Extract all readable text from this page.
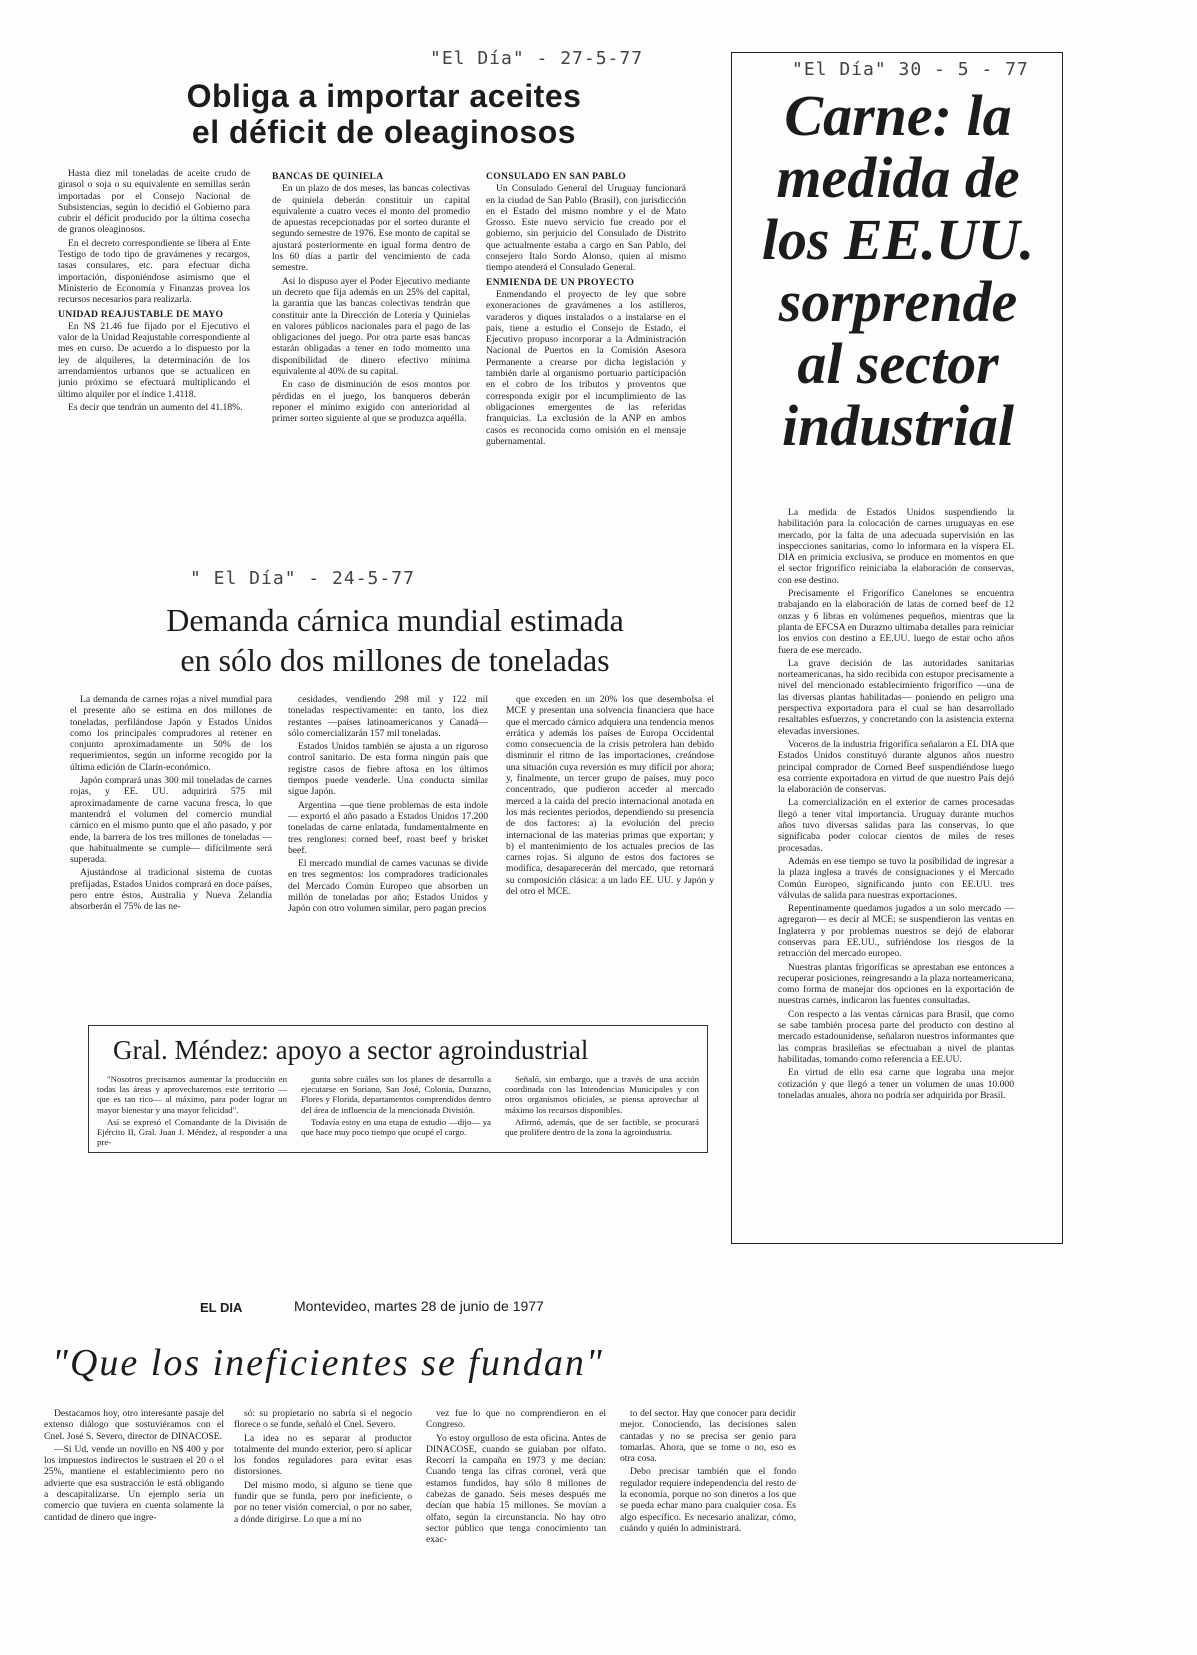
"El Día" - 27-5-77
Obliga a importar aceites
el déficit de oleaginosos

Hasta diez mil toneladas de aceite crudo de girasol o soja o su equivalente en semillas serán importadas por el Consejo Nacional de Subsistencias, según lo decidió el Gobierno para cubrir el déficit producido por la última cosecha de granos oleaginosos.

En el decreto correspondiente se libera al Ente Testigo de todo tipo de gravámenes y recargos, tasas consulares, etc. para efectuar dicha importación, disponiéndose asimismo que el Ministerio de Economía y Finanzas provea los recursos necesarios para realizarla.

UNIDAD REAJUSTABLE DE MAYO

En N$ 21.46 fue fijado por el Ejecutivo el valor de la Unidad Reajustable correspondiente al mes en curso. De acuerdo a lo dispuesto por la ley de alquileres, la determinación de los arrendamientos urbanos que se actualicen en junio próximo se efectuará multiplicando el último alquiler por el índice 1.4118.

Es decir que tendrán un aumento del 41.18%.

BANCAS DE QUINIELA

En un plazo de dos meses, las bancas colectivas de quiniela deberán constituir un capital equivalente a cuatro veces el monto del promedio de apuestas recepcionadas por el sorteo durante el segundo semestre de 1976. Ese monto de capital se ajustará posteriormente en igual forma dentro de los 60 días a partir del vencimiento de cada semestre.

Así lo dispuso ayer el Poder Ejecutivo mediante un decreto que fija además en un 25% del capital, la garantía que las bancas colectivas tendrán que constituir ante la Dirección de Lotería y Quinielas en valores públicos nacionales para el pago de las obligaciones del juego. Por otra parte esas bancas estarán obligadas a tener en todo momento una disponibilidad de dinero efectivo mínima equivalente al 40% de su capital.

En caso de disminución de esos montos por pérdidas en el juego, los banqueros deberán reponer el mínimo exigido con anterioridad al primer sorteo siguiente al que se produzca aquélla.

CONSULADO EN SAN PABLO

Un Consulado General del Uruguay funcionará en la ciudad de San Pablo (Brasil), con jurisdicción en el Estado del mismo nombre y el de Mato Grosso. Este nuevo servicio fue creado por el gobierno, sin perjuicio del Consulado de Distrito que actualmente estaba a cargo en San Pablo, del consejero Italo Sordo Alonso, quien al mismo tiempo atenderá el Consulado General.

ENMIENDA DE UN PROYECTO

Enmendando el proyecto de ley que sobre exoneraciones de gravámenes a los astilleros, varaderos y diques instalados o a instalarse en el país, tiene a estudio el Consejo de Estado, el Ejecutivo propuso incorporar a la Administración Nacional de Puertos en la Comisión Asesora Permanente a crearse por dicha legislación y también darle al organismo portuario participación en el cobro de los tributos y proventos que corresponda exigir por el incumplimiento de las obligaciones emergentes de las referidas franquicias. La exclusión de la ANP en ambos casos es reconocida como omisión en el mensaje gubernamental.

"El Día" 30 - 5 - 77
Carne: la
medida de
los EE.UU.
sorprende
al sector
industrial

La medida de Estados Unidos suspendiendo la habilitación para la colocación de carnes uruguayas en ese mercado, por la falta de una adecuada supervisión en las inspecciones sanitarias, como lo informara en la víspera EL DIA en primicia exclusiva, se produce en momentos en que el sector frigorífico reiniciaba la elaboración de conservas, con ese destino.

Precisamente el Frigorífico Canelones se encuentra trabajando en la elaboración de latas de corned beef de 12 onzas y 6 libras en volúmenes pequeños, mientras que la planta de EFCSA en Durazno ultimaba detalles para reiniciar los envíos con destino a EE.UU. luego de estar ocho años fuera de ese mercado.

La grave decisión de las autoridades sanitarias norteamericanas, ha sido recibida con estupor precisamente a nivel del mencionado establecimiento frigorífico —una de las diversas plantas habilitadas— poniendo en peligro una perspectiva exportadora para el cual se han desarrollado resaltables esfuerzos, y concretando con la asistencia externa elevadas inversiones.

Voceros de la industria frigorífica señalaron a EL DIA que Estados Unidos constituyó durante algunos años nuestro principal comprador de Corned Beef suspendiéndose luego esa corriente exportadora en virtud de que nuestro País dejó la elaboración de conservas.

La comercialización en el exterior de carnes procesadas llegó a tener vital importancia. Uruguay durante muchos años tuvo diversas salidas para las conservas, lo que significaba poder colocar cientos de miles de reses procesadas.

Además en ese tiempo se tuvo la posibilidad de ingresar a la plaza inglesa a través de consignaciones y el Mercado Común Europeo, significando junto con EE.UU. tres válvulas de salida para nuestras exportaciones.

Repentinamente quedamos jugados a un solo mercado —agregaron— es decir al MCE: se suspendieron las ventas en Inglaterra y por problemas nuestros se dejó de elaborar conservas para EE.UU., sufriéndose los riesgos de la retracción del mercado europeo.

Nuestras plantas frigoríficas se aprestaban ese entonces a recuperar posiciones, reingresando a la plaza norteamericana, como forma de manejar dos opciones en la exportación de nuestras carnes, indicaron las fuentes consultadas.

Con respecto a las ventas cárnicas para Brasil, que como se sabe también procesa parte del producto con destino al mercado estadounidense, señalaron nuestros informantes que las compras brasileñas se efectuaban a nivel de plantas habilitadas, tomando como referencia a EE.UU.

En virtud de ello esa carne que lograba una mejor cotización y que llegó a tener un volumen de unas 10.000 toneladas anuales, ahora no podría ser adquirida por Brasil.

" El Día" - 24-5-77
Demanda cárnica mundial estimada
en sólo dos millones de toneladas

La demanda de carnes rojas a nivel mundial para el presente año se estima en dos millones de toneladas, perfilándose Japón y Estados Unidos como los principales compradores al retener en conjunto aproximadamente un 50% de los requerimientos, según un informe recogido por la última edición de Clarín-económico.

Japón comprará unas 300 mil toneladas de carnes rojas, y EE. UU. adquirirá 575 mil aproximadamente de carne vacuna fresca, lo que mantendrá el volumen del comercio mundial cárnico en el mismo punto que el año pasado, y por ende, la barrera de los tres millones de toneladas —que habitualmente se cumple— difícilmente será superada.

Ajustándose al tradicional sistema de cuotas prefijadas, Estados Unidos comprará en doce países, pero entre éstos, Australia y Nueva Zelandia absorberán el 75% de las ne-

cesidades, vendiendo 298 mil y 122 mil toneladas respectivamente: en tanto, los diez restantes —países latinoamericanos y Canadá— sólo comercializarán 157 mil toneladas.

Estados Unidos también se ajusta a un riguroso control sanitario. De esta forma ningún país que registre casos de fiebre aftosa en los últimos tiempos puede venderle. Una conducta similar sigue Japón.

Argentina —que tiene problemas de esta índole— exportó el año pasado a Estados Unidos 17.200 toneladas de carne enlatada, fundamentalmente en tres renglones: corned beef, roast beef y brisket beef.

El mercado mundial de carnes vacunas se divide en tres segmentos: los compradores tradicionales del Mercado Común Europeo que absorben un millón de toneladas por año; Estados Unidos y Japón con otro volumen similar, pero pagan precios

que exceden en un 20% los que desembolsa el MCE y presentan una solvencia financiera que hace que el mercado cárnico adquiera una tendencia menos errática y además los países de Europa Occidental como consecuencia de la crisis petrolera han debido disminuir el ritmo de las importaciones, creándose una situación cuya reversión es muy difícil por ahora; y, finalmente, un tercer grupo de países, muy poco concentrado, que pudieron acceder al mercado merced a la caída del precio internacional anotada en los más recientes períodos, dependiendo su presencia de dos factores: a) la evolución del precio internacional de las materias primas que exportan; y b) el mantenimiento de los actuales precios de las carnes rojas. Si alguno de estos dos factores se modifica, desaparecerán del mercado, que retornará su composición clásica: a un lado EE. UU. y Japón y del otro el MCE.

Gral. Méndez: apoyo a sector agroindustrial

"Nosotros precisamos aumentar la producción en todas las áreas y aprovecharemos este territorio —que es tan rico— al máximo, para poder lograr un mayor bienestar y una mayor felicidad".

Así se expresó el Comandante de la División de Ejército II, Gral. Juan J. Méndez, al responder a una pre-

gunta sobre cuáles son los planes de desarrollo a ejecutarse en Soriano, San José, Colonia, Durazno, Flores y Florida, departamentos comprendidos dentro del área de influencia de la mencionada División.

Todavía estoy en una etapa de estudio —dijo— ya que hace muy poco tiempo que ocupé el cargo.

Señaló, sin embargo, que a través de una acción coordinada con las Intendencias Municipales y con otros organismos oficiales, se piensa aprovechar al máximo los recursos disponibles.

Afirmó, además, que de ser factible, se procurará que prolifere dentro de la zona la agroindustria.

EL DIA	Montevideo, martes 28 de junio de 1977
"Que los ineficientes se fundan"

Destacamos hoy, otro interesante pasaje del extenso diálogo que sostuviéramos con el Cnel. José S. Severo, director de DINACOSE.

—Si Ud. vende un novillo en N$ 400 y por los impuestos indirectos le sustraen el 20 o el 25%, mantiene el establecimiento pero no advierte que esa sustracción le está obligando a descapitalizarse. Un ejemplo sería un comercio que tuviera en cuenta solamente la cantidad de dinero que ingre-

só: su propietario no sabría si el negocio florece o se funde, señaló el Cnel. Severo.

La idea no es separar al productor totalmente del mundo exterior, pero sí aplicar los fondos reguladores para evitar esas distorsiones.

Del mismo modo, si alguno se tiene que fundir que se funda, pero por ineficiente, o por no tener visión comercial, o por no saber, a dónde dirigirse. Lo que a mí no

vez fue lo que no comprendieron en el Congreso.

Yo estoy orgulloso de esta oficina. Antes de DINACOSE, cuando se guiaban por olfato. Recorrí la campaña en 1973 y me decían: Cuando tenga las cifras coronel, verá que estamos fundidos, hay sólo 8 millones de cabezas de ganado. Seis meses después me decían que había 15 millones. Se movían a olfato, según la circunstancia. No hay otro sector público que tenga conocimiento tan exac-

to del sector. Hay que conocer para decidir mejor. Conociendo, las decisiones salen cantadas y no se precisa ser genio para tomarlas. Ahora, que se tome o no, eso es otra cosa.

Debo precisar también que el fondo regulador requiere independencia del resto de la economía, porque no son dineros a los que se pueda echar mano para cualquier cosa. Es algo específico. Es necesario analizar, cómo, cuándo y quién lo administrará.
